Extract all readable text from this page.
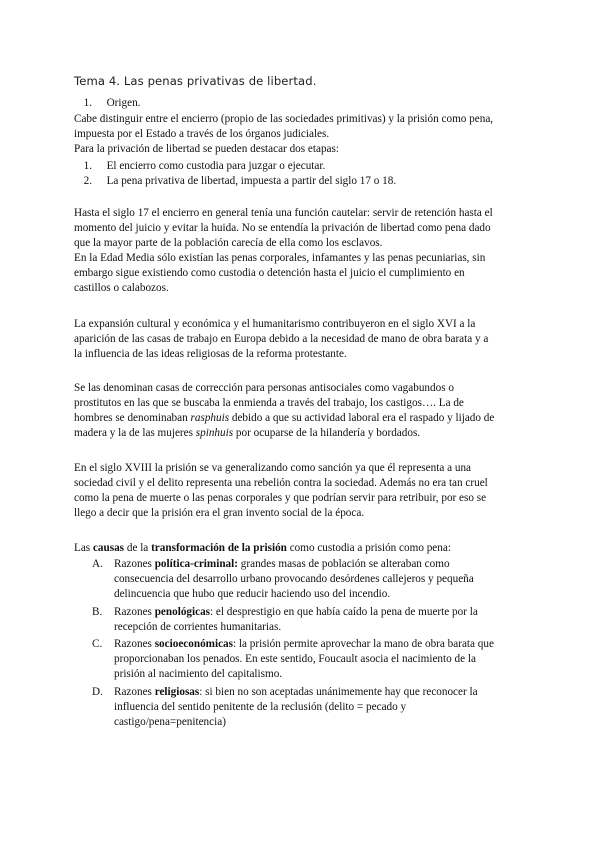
Tema 4. Las penas privativas de libertad.
1. Origen.
Cabe distinguir entre el encierro (propio de las sociedades primitivas) y la prisión como pena,
impuesta por el Estado a través de los órganos judiciales.
Para la privación de libertad se pueden destacar dos etapas:
1. El encierro como custodia para juzgar o ejecutar.
2. La pena privativa de libertad, impuesta a partir del siglo 17 o 18.
Hasta el siglo 17 el encierro en general tenía una función cautelar: servir de retención hasta el
momento del juicio y evitar la huida. No se entendía la privación de libertad como pena dado
que la mayor parte de la población carecía de ella como los esclavos.
En la Edad Media sólo existían las penas corporales, infamantes y las penas pecuniarias, sin
embargo sigue existiendo como custodia o detención hasta el juicio el cumplimiento en
castillos o calabozos.
La expansión cultural y económica y el humanitarismo contribuyeron en el siglo XVI a la
aparición de las casas de trabajo en Europa debido a la necesidad de mano de obra barata y a
la influencia de las ideas religiosas de la reforma protestante.
Se las denominan casas de corrección para personas antisociales como vagabundos o
prostitutos en las que se buscaba la enmienda a través del trabajo, los castigos…. La de
hombres se denominaban rasphuis debido a que su actividad laboral era el raspado y lijado de
madera y la de las mujeres spinhuis por ocuparse de la hilandería y bordados.
En el siglo XVIII la prisión se va generalizando como sanción ya que él representa a una
sociedad civil y el delito representa una rebelión contra la sociedad. Además no era tan cruel
como la pena de muerte o las penas corporales y que podrían servir para retribuir, por eso se
llego a decir que la prisión era el gran invento social de la época.
Las causas de la transformación de la prisión como custodia a prisión como pena:
A. Razones política-criminal: grandes masas de población se alteraban como
consecuencia del desarrollo urbano provocando desórdenes callejeros y pequeña
delincuencia que hubo que reducir haciendo uso del incendio.
B. Razones penológicas: el desprestigio en que había caído la pena de muerte por la
recepción de corrientes humanitarias.
C. Razones socioeconómicas: la prisión permite aprovechar la mano de obra barata que
proporcionaban los penados. En este sentido, Foucault asocia el nacimiento de la
prisión al nacimiento del capitalismo.
D. Razones religiosas: si bien no son aceptadas unánimemente hay que reconocer la
influencia del sentido penitente de la reclusión (delito = pecado y
castigo/pena=penitencia)
